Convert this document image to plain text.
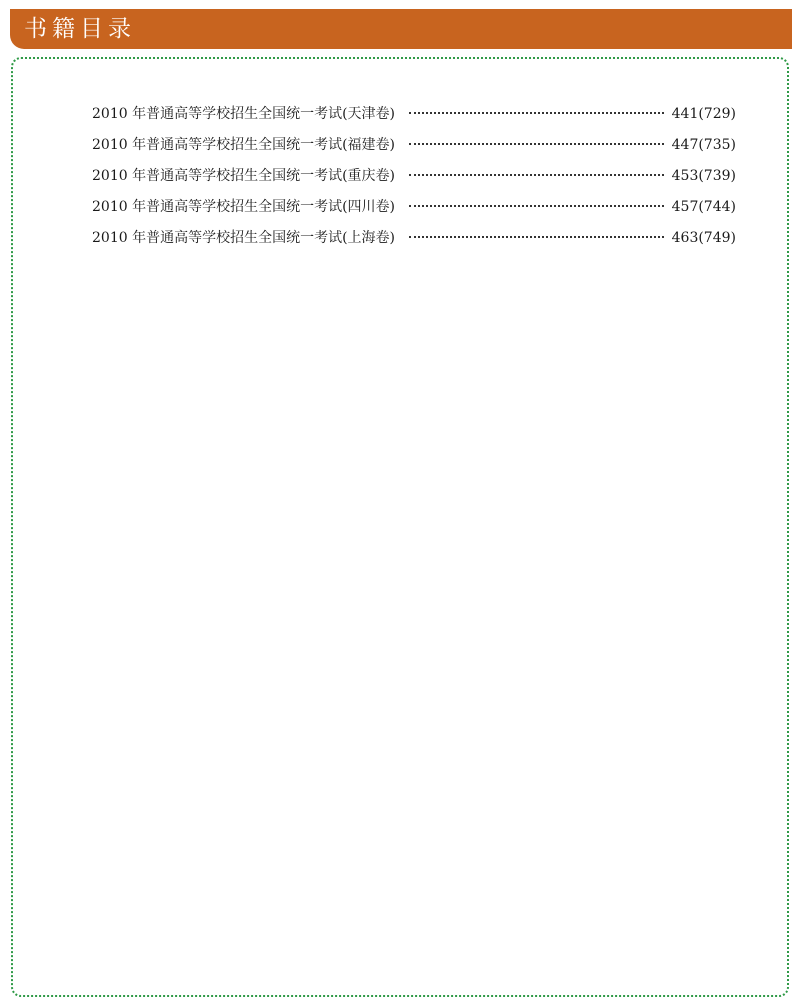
书籍目录
2010 年普通高等学校招生全国统一考试(天津卷)	441(729)
2010 年普通高等学校招生全国统一考试(福建卷)	447(735)
2010 年普通高等学校招生全国统一考试(重庆卷)	453(739)
2010 年普通高等学校招生全国统一考试(四川卷)	457(744)
2010 年普通高等学校招生全国统一考试(上海卷)	463(749)
